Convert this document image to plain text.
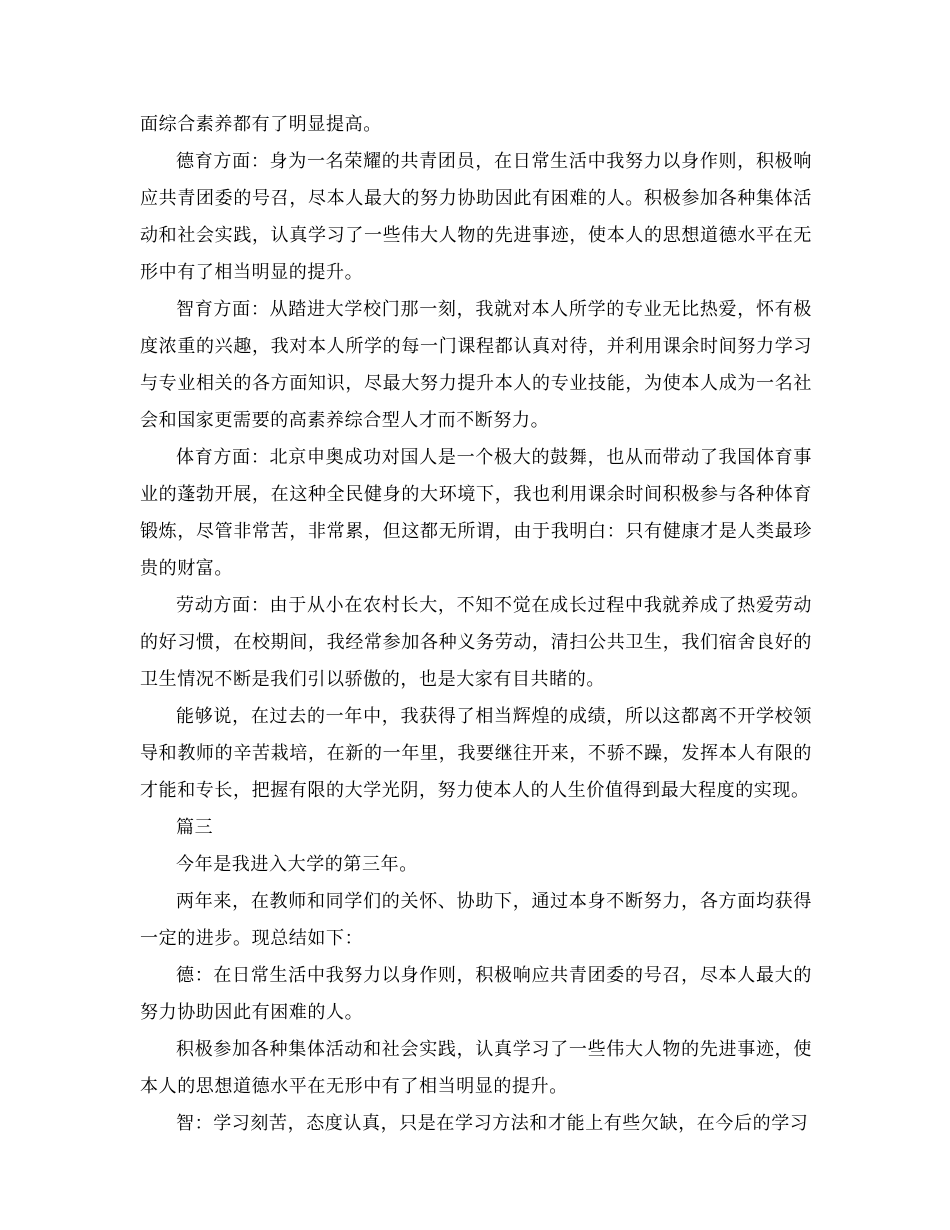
面综合素养都有了明显提高。

德育方面：身为一名荣耀的共青团员，在日常生活中我努力以身作则，积极响应共青团委的号召，尽本人最大的努力协助因此有困难的人。积极参加各种集体活动和社会实践，认真学习了一些伟大人物的先进事迹，使本人的思想道德水平在无形中有了相当明显的提升。

智育方面：从踏进大学校门那一刻，我就对本人所学的专业无比热爱，怀有极度浓重的兴趣，我对本人所学的每一门课程都认真对待，并利用课余时间努力学习与专业相关的各方面知识，尽最大努力提升本人的专业技能，为使本人成为一名社会和国家更需要的高素养综合型人才而不断努力。

体育方面：北京申奥成功对国人是一个极大的鼓舞，也从而带动了我国体育事业的蓬勃开展，在这种全民健身的大环境下，我也利用课余时间积极参与各种体育锻炼，尽管非常苦，非常累，但这都无所谓，由于我明白：只有健康才是人类最珍贵的财富。

劳动方面：由于从小在农村长大，不知不觉在成长过程中我就养成了热爱劳动的好习惯，在校期间，我经常参加各种义务劳动，清扫公共卫生，我们宿舍良好的卫生情况不断是我们引以骄傲的，也是大家有目共睹的。

能够说，在过去的一年中，我获得了相当辉煌的成绩，所以这都离不开学校领导和教师的辛苦栽培，在新的一年里，我要继往开来，不骄不躁，发挥本人有限的才能和专长，把握有限的大学光阴，努力使本人的人生价值得到最大程度的实现。

篇三

今年是我进入大学的第三年。

两年来，在教师和同学们的关怀、协助下，通过本身不断努力，各方面均获得一定的进步。现总结如下：

德：在日常生活中我努力以身作则，积极响应共青团委的号召，尽本人最大的努力协助因此有困难的人。

积极参加各种集体活动和社会实践，认真学习了一些伟大人物的先进事迹，使本人的思想道德水平在无形中有了相当明显的提升。

智：学习刻苦，态度认真，只是在学习方法和才能上有些欠缺，在今后的学习
